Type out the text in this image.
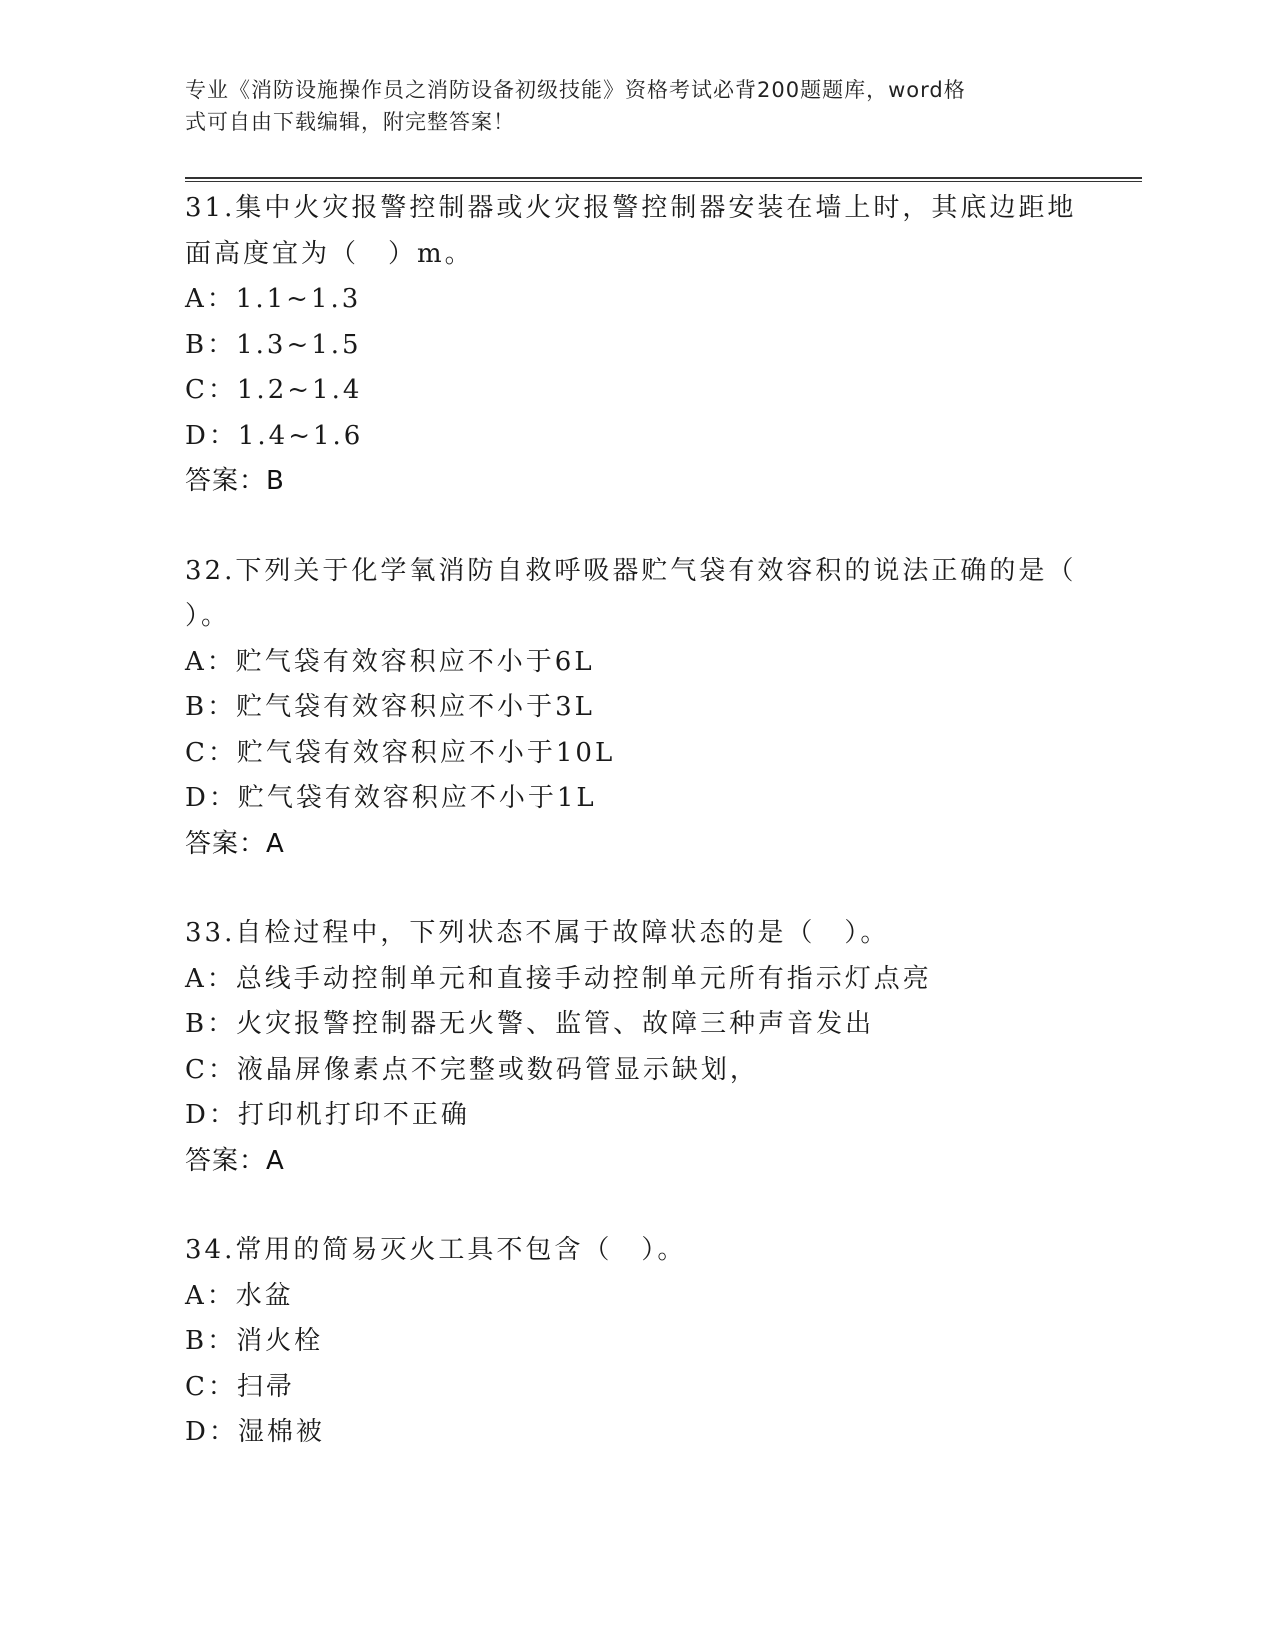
专业《消防设施操作员之消防设备初级技能》资格考试必背200题题库，word格
式可自由下载编辑，附完整答案！
31.集中火灾报警控制器或火灾报警控制器安装在墙上时，其底边距地
面高度宜为（　）m。
A：1.1~1.3
B：1.3~1.5
C：1.2~1.4
D：1.4~1.6
答案：B
32.下列关于化学氧消防自救呼吸器贮气袋有效容积的说法正确的是（
）。
A：贮气袋有效容积应不小于6L
B：贮气袋有效容积应不小于3L
C：贮气袋有效容积应不小于10L
D：贮气袋有效容积应不小于1L
答案：A
33.自检过程中，下列状态不属于故障状态的是（　）。
A：总线手动控制单元和直接手动控制单元所有指示灯点亮
B：火灾报警控制器无火警、监管、故障三种声音发出
C：液晶屏像素点不完整或数码管显示缺划，
D：打印机打印不正确
答案：A
34.常用的简易灭火工具不包含（　）。
A：水盆
B：消火栓
C：扫帚
D：湿棉被
